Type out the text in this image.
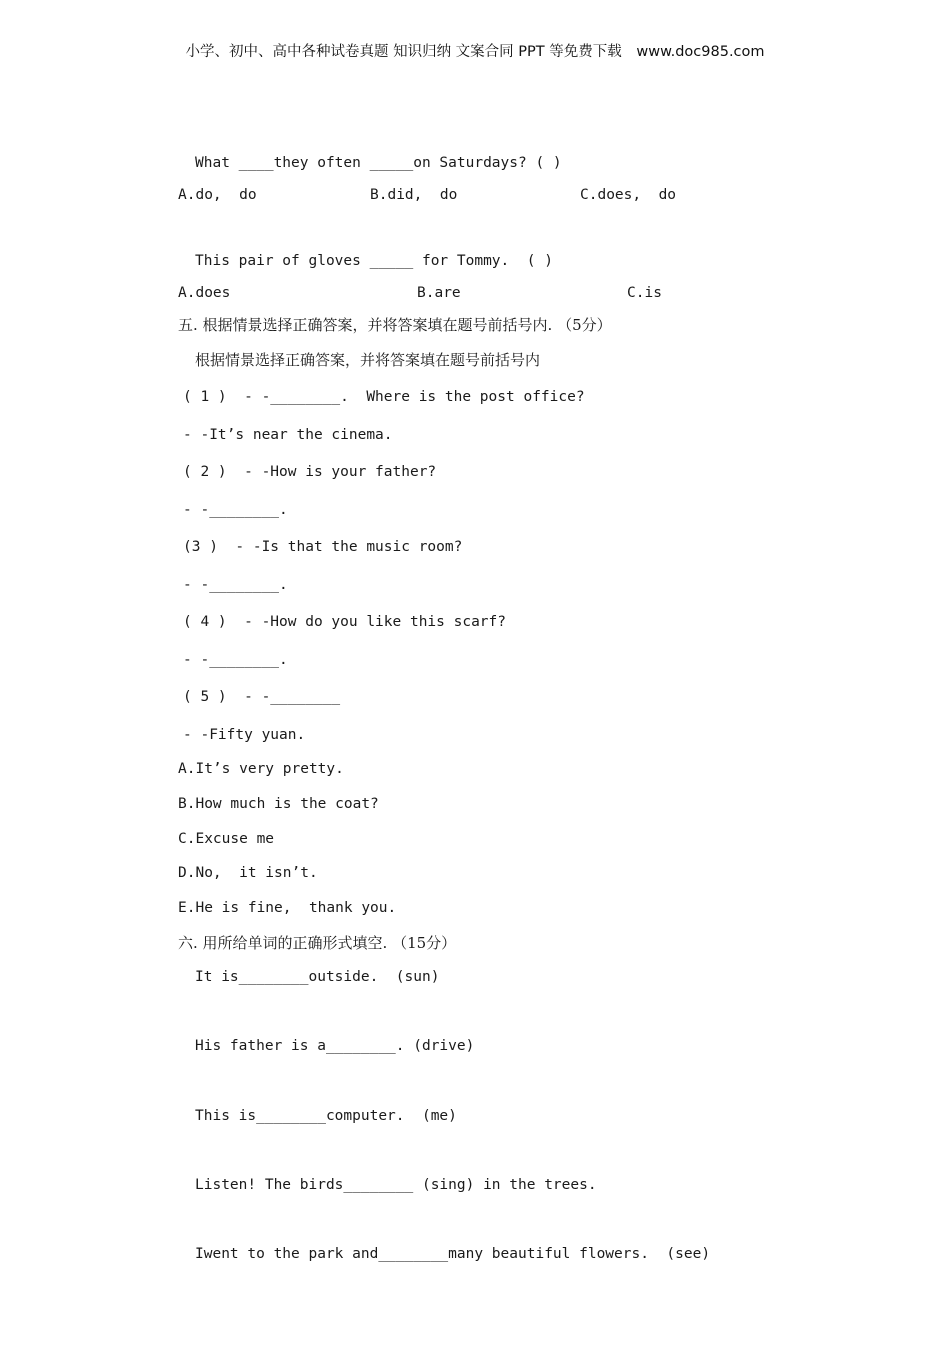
小学、初中、高中各种试卷真题 知识归纳 文案合同 PPT 等免费下载 www.doc985.com
What ____they often _____on Saturdays? ( )
A.do,  do	B.did,  do	C.does,  do
This pair of gloves _____ for Tommy.  ( )
A.does	B.are	C.is
五. 根据情景选择正确答案，并将答案填在题号前括号内. （5分）
根据情景选择正确答案，并将答案填在题号前括号内
( 1 )  - -________.  Where is the post office?
- -It’s near the cinema.
( 2 )  - -How is your father?
- -________.
(3 )  - -Is that the music room?
- -________.
( 4 )  - -How do you like this scarf?
- -________.
( 5 )  - -________
- -Fifty yuan.
A.It’s very pretty.
B.How much is the coat?
C.Excuse me
D.No,  it isn’t.
E.He is fine,  thank you.
六. 用所给单词的正确形式填空. （15分）
It is________outside.  (sun)
His father is a________. (drive)
This is________computer.  (me)
Listen! The birds________ (sing) in the trees.
Iwent to the park and________many beautiful flowers.  (see)
